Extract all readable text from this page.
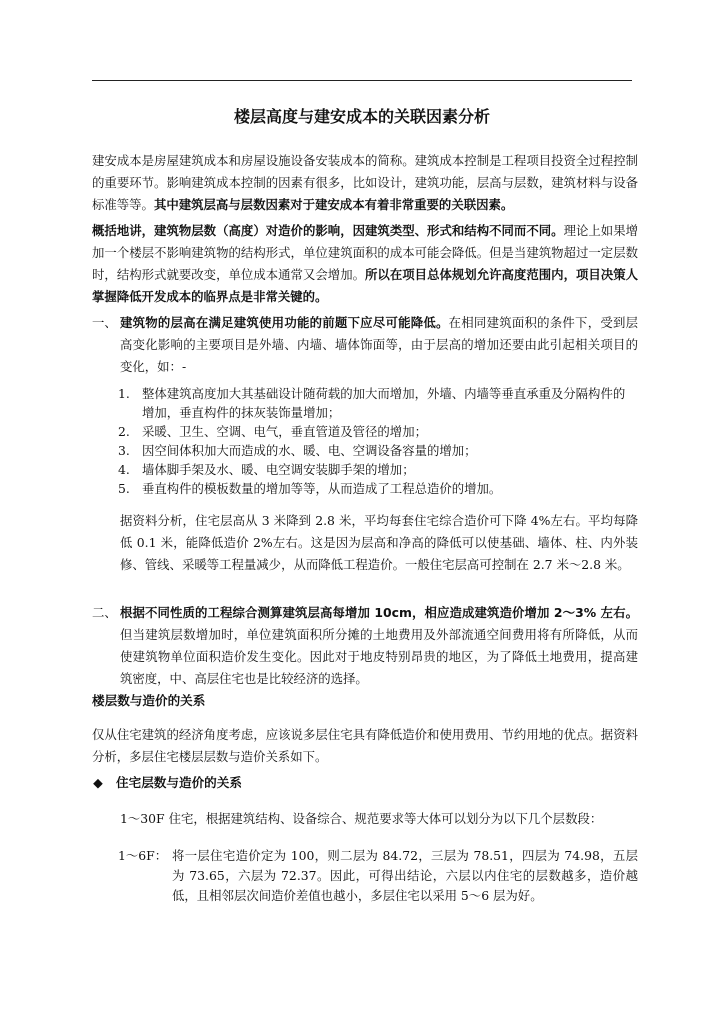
楼层高度与建安成本的关联因素分析
建安成本是房屋建筑成本和房屋设施设备安装成本的简称。建筑成本控制是工程项目投资全过程控制的重要环节。影响建筑成本控制的因素有很多，比如设计，建筑功能，层高与层数，建筑材料与设备标准等等。其中建筑层高与层数因素对于建安成本有着非常重要的关联因素。
概括地讲，建筑物层数（高度）对造价的影响，因建筑类型、形式和结构不同而不同。理论上如果增加一个楼层不影响建筑物的结构形式，单位建筑面积的成本可能会降低。但是当建筑物超过一定层数时，结构形式就要改变，单位成本通常又会增加。所以在项目总体规划允许高度范围内，项目决策人掌握降低开发成本的临界点是非常关键的。
一、 建筑物的层高在满足建筑使用功能的前题下应尽可能降低。在相同建筑面积的条件下，受到层高变化影响的主要项目是外墙、内墙、墙体饰面等，由于层高的增加还要由此引起相关项目的变化，如：-
1. 整体建筑高度加大其基础设计随荷载的加大而增加，外墙、内墙等垂直承重及分隔构件的增加，垂直构件的抹灰装饰量增加；
2. 采暖、卫生、空调、电气，垂直管道及管径的增加；
3. 因空间体积加大而造成的水、暖、电、空调设备容量的增加；
4. 墙体脚手架及水、暖、电空调安装脚手架的增加；
5. 垂直构件的模板数量的增加等等，从而造成了工程总造价的增加。
据资料分析，住宅层高从 3 米降到 2.8 米，平均每套住宅综合造价可下降 4%左右。平均每降低 0.1 米，能降低造价 2%左右。这是因为层高和净高的降低可以使基础、墙体、柱、内外装修、管线、采暖等工程量减少，从而降低工程造价。一般住宅层高可控制在 2.7 米～2.8 米。
二、 根据不同性质的工程综合测算建筑层高每增加 10cm，相应造成建筑造价增加 2～3% 左右。但当建筑层数增加时，单位建筑面积所分摊的土地费用及外部流通空间费用将有所降低，从而使建筑物单位面积造价发生变化。因此对于地皮特别昂贵的地区，为了降低土地费用，提高建筑密度，中、高层住宅也是比较经济的选择。
楼层数与造价的关系
仅从住宅建筑的经济角度考虑，应该说多层住宅具有降低造价和使用费用、节约用地的优点。据资料分析，多层住宅楼层层数与造价关系如下。
◆ 住宅层数与造价的关系
1～30F 住宅，根据建筑结构、设备综合、规范要求等大体可以划分为以下几个层数段：
1～6F： 将一层住宅造价定为 100，则二层为 84.72，三层为 78.51，四层为 74.98，五层为 73.65，六层为 72.37。因此，可得出结论，六层以内住宅的层数越多，造价越低，且相邻层次间造价差值也越小，多层住宅以采用 5～6 层为好。
